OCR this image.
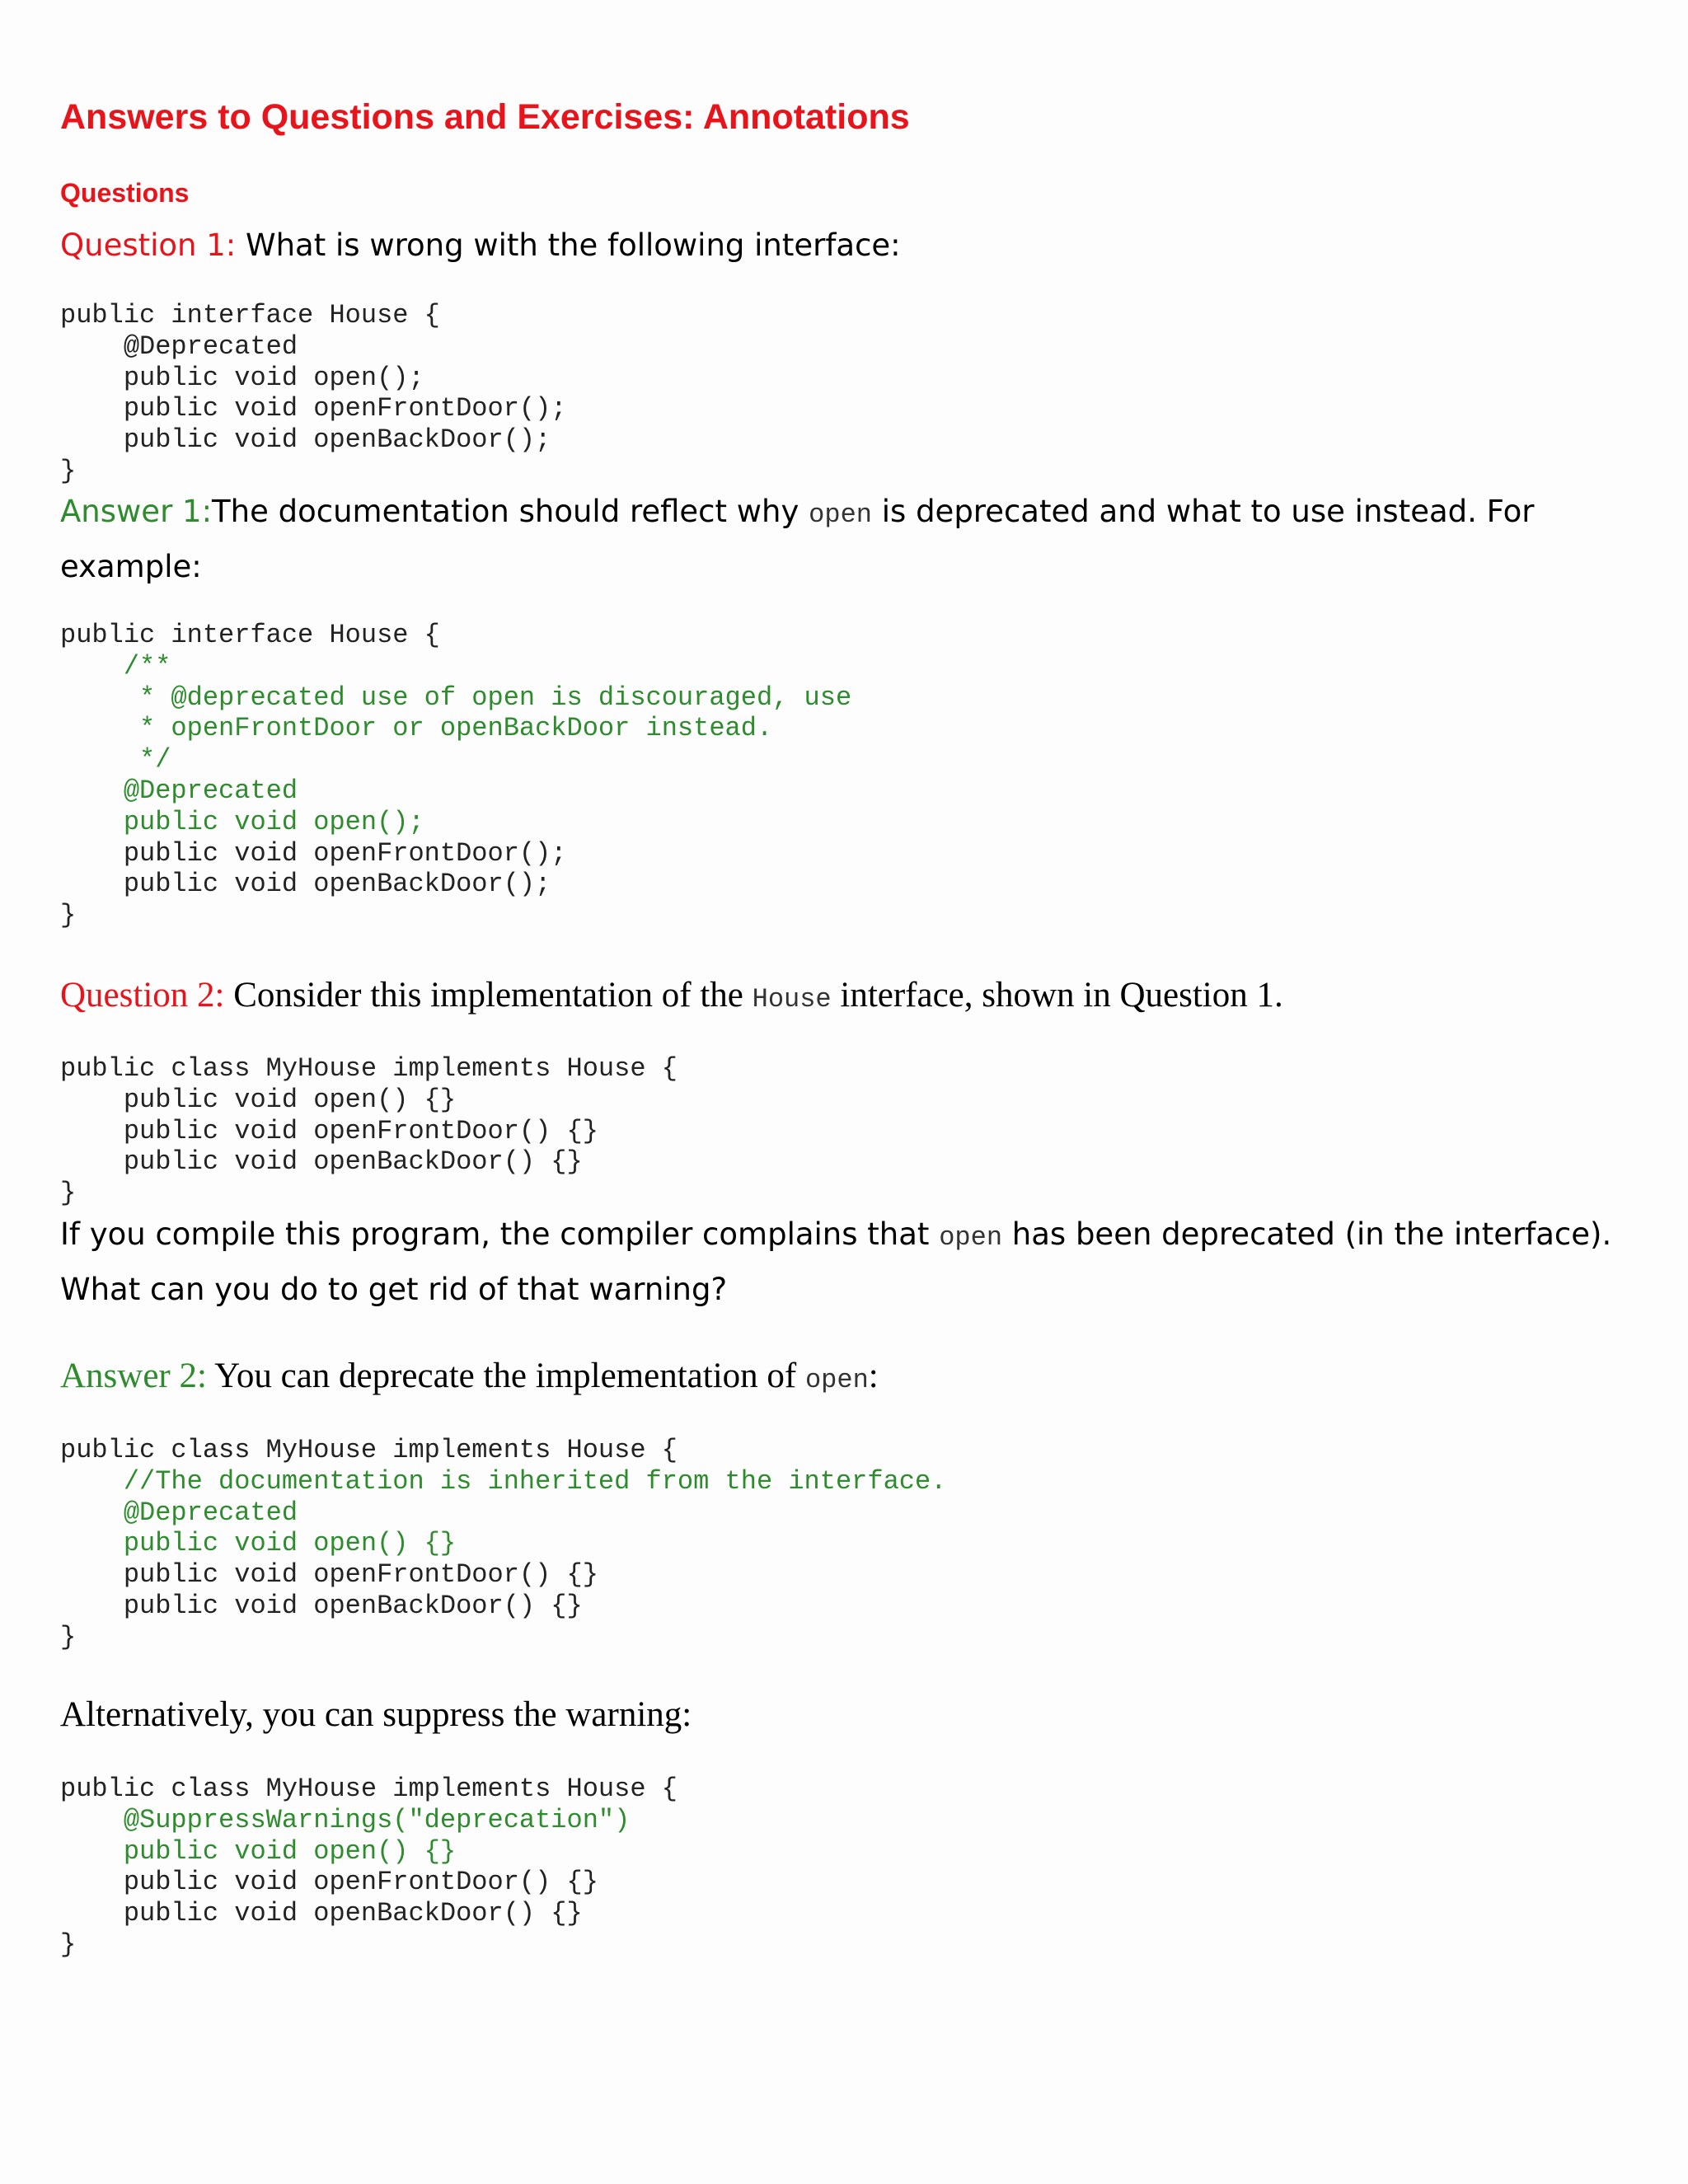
Answers to Questions and Exercises: Annotations
Questions

Question 1: What is wrong with the following interface:

public interface House {
@Deprecated
public void open();
public void openFrontDoor();
public void openBackDoor();
}

Answer 1:The documentation should reflect why open is deprecated and what to use instead. For example:

public interface House {
/**
* @deprecated use of open is discouraged, use
* openFrontDoor or openBackDoor instead.
*/
@Deprecated
public void open();
public void openFrontDoor();
public void openBackDoor();
}

Question 2: Consider this implementation of the House interface, shown in Question 1.

public class MyHouse implements House {
public void open() {}
public void openFrontDoor() {}
public void openBackDoor() {}
}

If you compile this program, the compiler complains that open has been deprecated (in the interface). What can you do to get rid of that warning?

Answer 2: You can deprecate the implementation of open:

public class MyHouse implements House {
//The documentation is inherited from the interface.
@Deprecated
public void open() {}
public void openFrontDoor() {}
public void openBackDoor() {}
}

Alternatively, you can suppress the warning:

public class MyHouse implements House {
@SuppressWarnings("deprecation")
public void open() {}
public void openFrontDoor() {}
public void openBackDoor() {}
}
